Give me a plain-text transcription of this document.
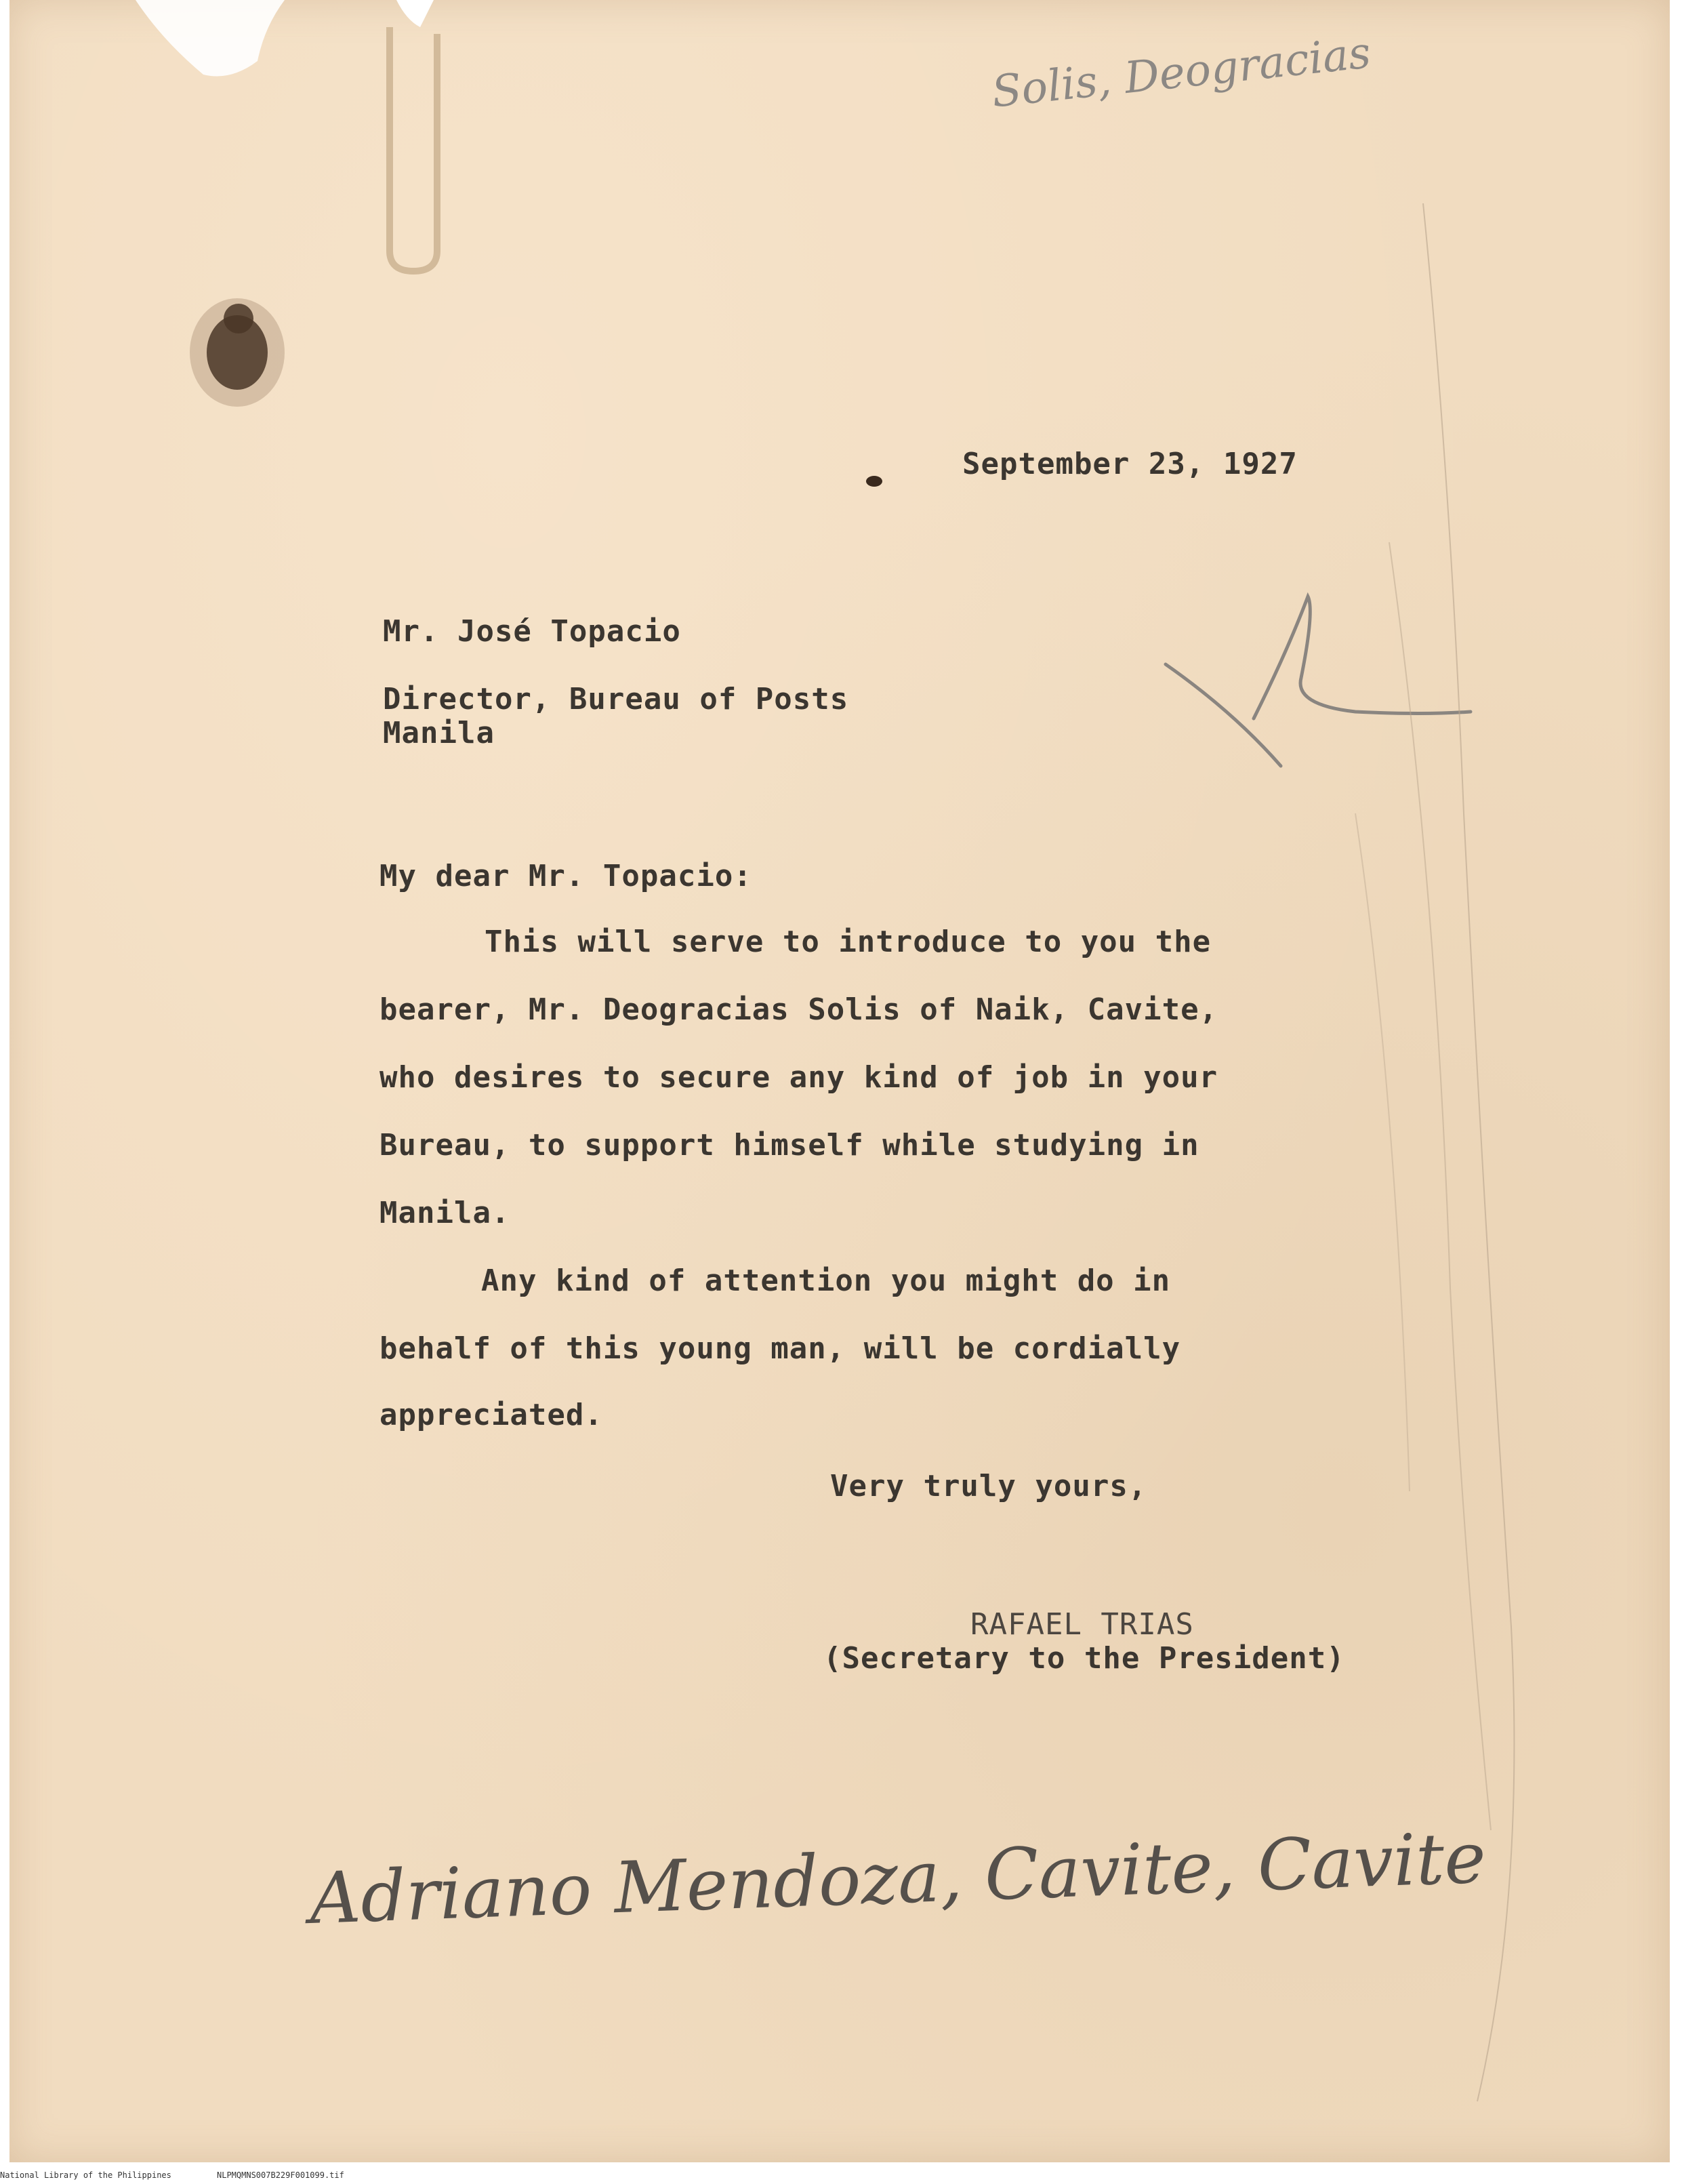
Solis, Deogracias
September 23, 1927
Mr. José Topacio
Director, Bureau of Posts
Manila
My dear Mr. Topacio:
This will serve to introduce to you the
bearer, Mr. Deogracias Solis of Naik, Cavite,
who desires to secure any kind of job in your
Bureau, to support himself while studying in
Manila.
Any kind of attention you might do in
behalf of this young man, will be cordially
appreciated.
Very truly yours,
RAFAEL TRIAS
(Secretary to the President)
Adriano Mendoza, Cavite, Cavite
National Library of the Philippines	NLPMQMNS007B229F001099.tif
